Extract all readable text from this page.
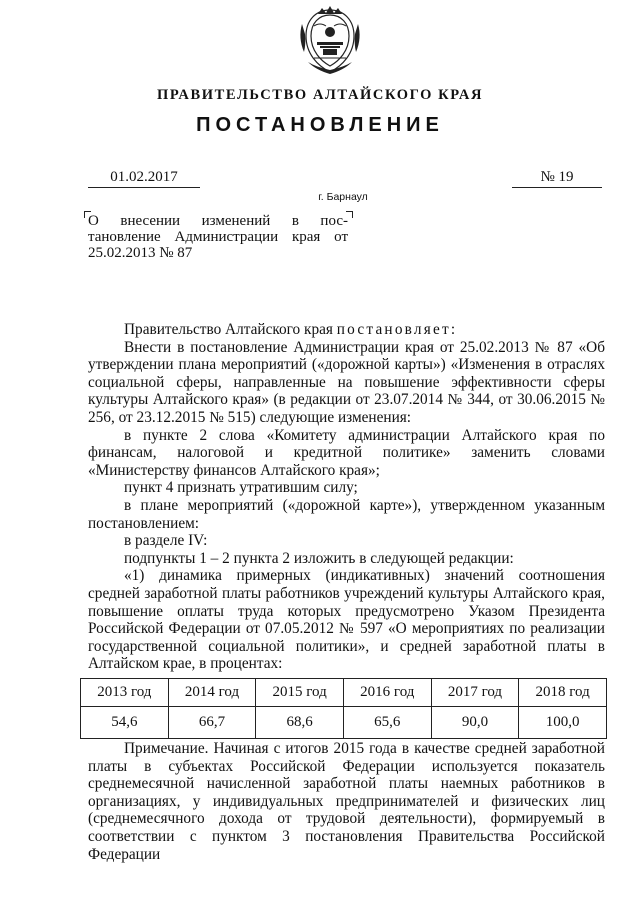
ПРАВИТЕЛЬСТВО АЛТАЙСКОГО КРАЯ
ПОСТАНОВЛЕНИЕ
01.02.2017	№ 19
г. Барнаул
О внесении изменений в пос-
тановление Администрации края от
25.02.2013 № 87

Правительство Алтайского края постановляет:

Внести в постановление Администрации края от 25.02.2013 № 87 «Об утверждении плана мероприятий («дорожной карты») «Изменения в отраслях социальной сферы, направленные на повышение эффективности сферы культуры Алтайского края» (в редакции от 23.07.2014 № 344, от 30.06.2015 № 256, от 23.12.2015 № 515) следующие изменения:

в пункте 2 слова «Комитету администрации Алтайского края по финансам, налоговой и кредитной политике» заменить словами «Министерству финансов Алтайского края»;

пункт 4 признать утратившим силу;

в плане мероприятий («дорожной карте»), утвержденном указанным постановлением:

в разделе IV:

подпункты 1 – 2 пункта 2 изложить в следующей редакции:

«1) динамика примерных (индикативных) значений соотношения средней заработной платы работников учреждений культуры Алтайского края, повышение оплаты труда которых предусмотрено Указом Президента Российской Федерации от 07.05.2012 № 597 «О мероприятиях по реализации государственной социальной политики», и средней заработной платы в Алтайском крае, в процентах:

2013 год	2014 год	2015 год	2016 год	2017 год	2018 год
54,6	66,7	68,6	65,6	90,0	100,0

Примечание. Начиная с итогов 2015 года в качестве средней заработной платы в субъектах Российской Федерации используется показатель среднемесячной начисленной заработной платы наемных работников в организациях, у индивидуальных предпринимателей и физических лиц (среднемесячного дохода от трудовой деятельности), формируемый в соответствии с пунктом 3 постановления Правительства Российской Федерации
